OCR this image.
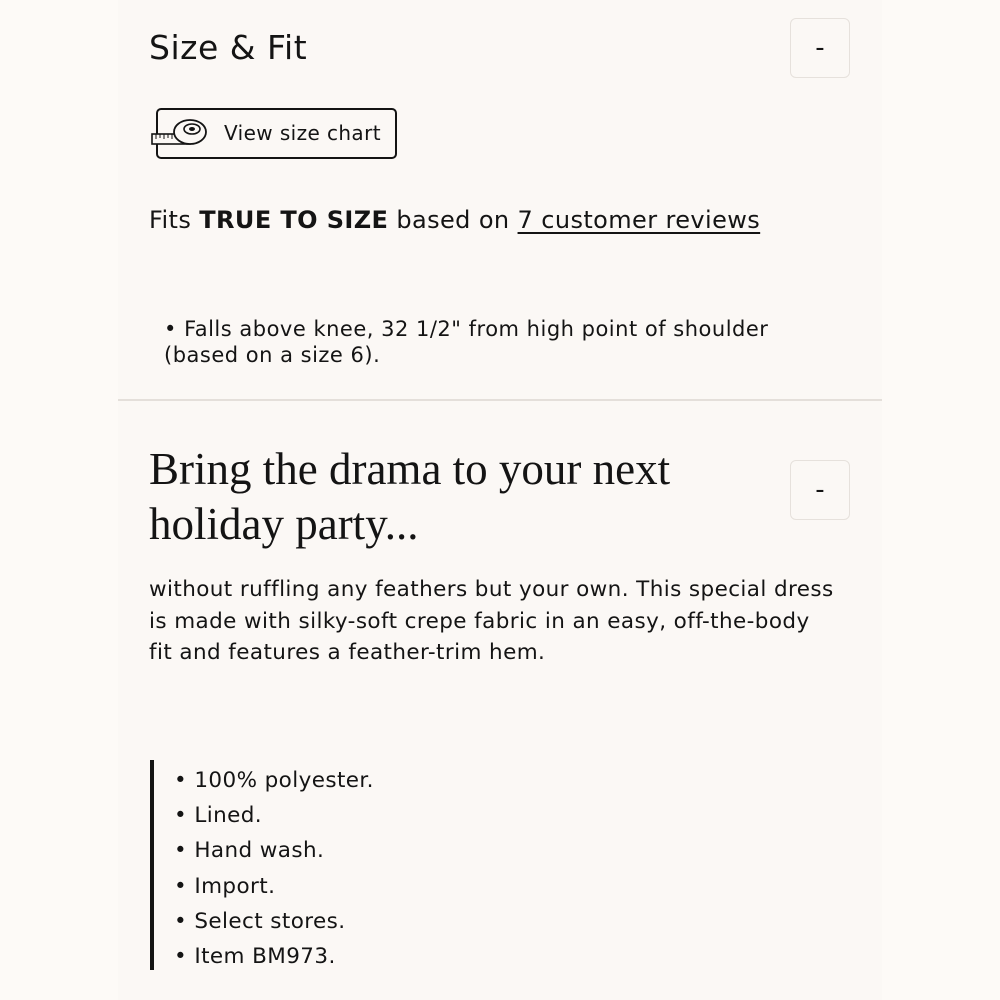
Size & Fit	-
View size chart
Fits TRUE TO SIZE based on 7 customer reviews
• Falls above knee, 32 1/2" from high point of shoulder (based on a size 6).
Bring the drama to your next holiday party...
-

without ruffling any feathers but your own. This special dress is made with silky-soft crepe fabric in an easy, off-the-body fit and features a feather-trim hem.

• 100% polyester.
• Lined.
• Hand wash.
• Import.
• Select stores.
• Item BM973.
